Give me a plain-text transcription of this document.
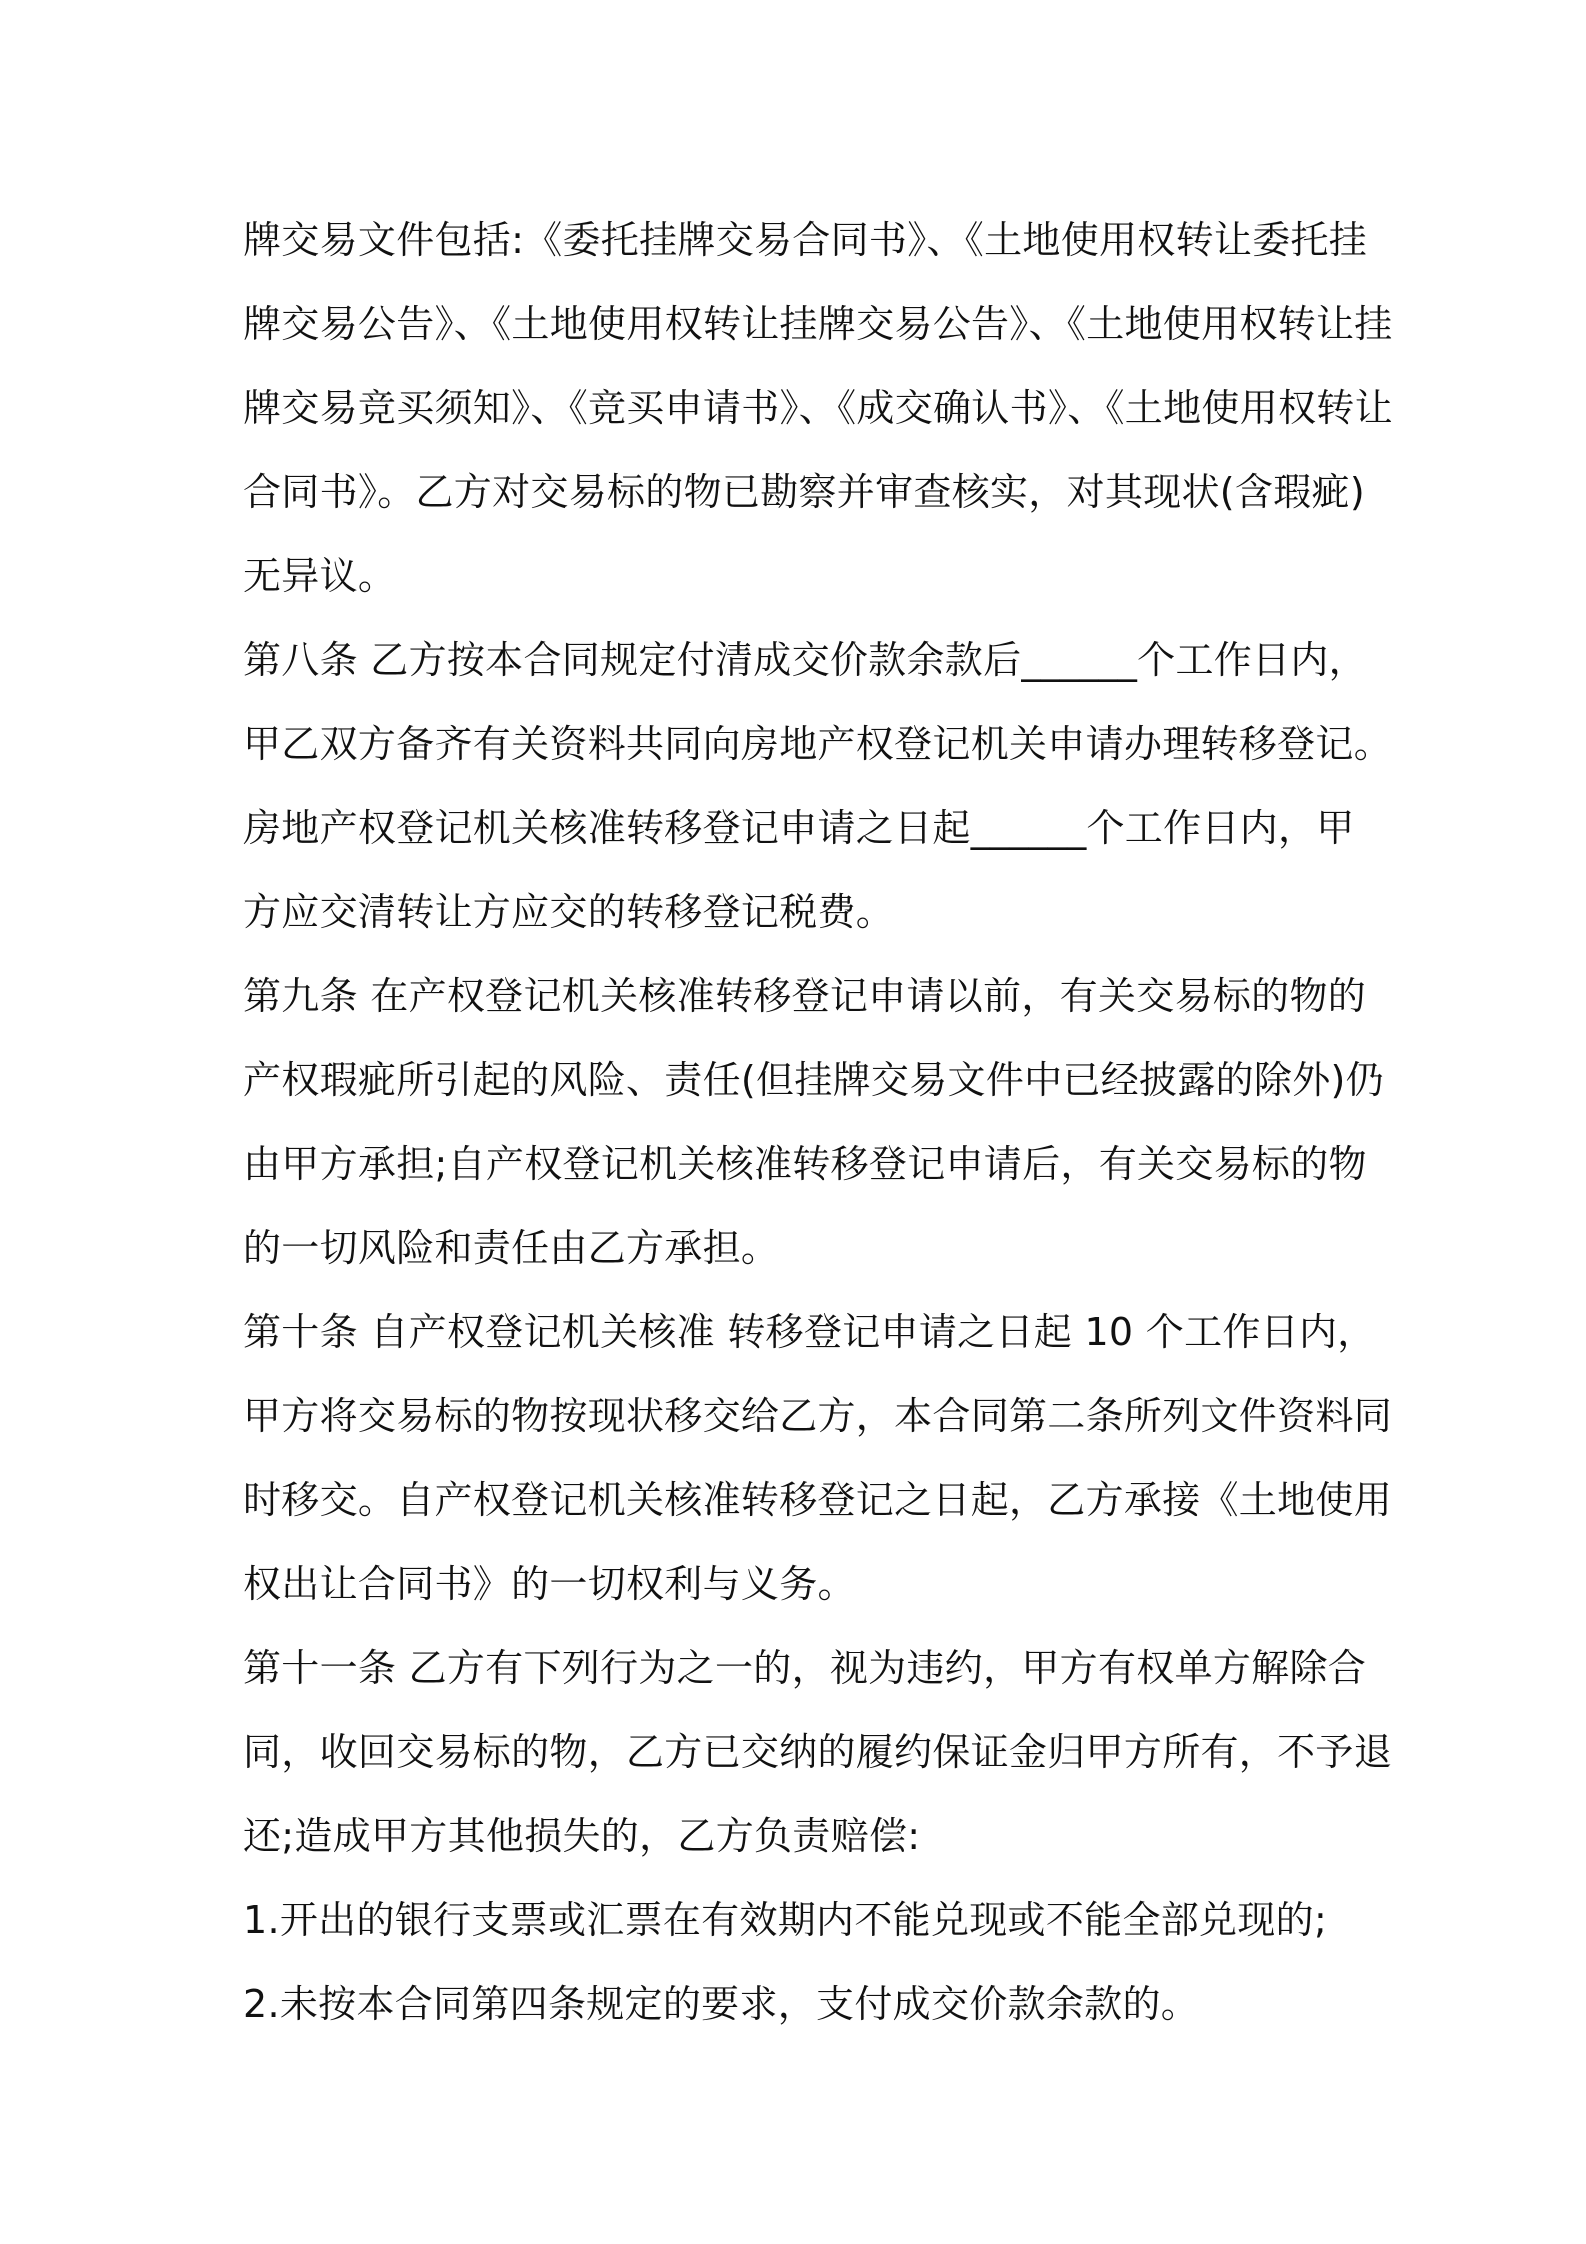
牌交易文件包括:《委托挂牌交易合同书》、《土地使用权转让委托挂
牌交易公告》、《土地使用权转让挂牌交易公告》、《土地使用权转让挂
牌交易竞买须知》、《竞买申请书》、《成交确认书》、《土地使用权转让
合同书》。乙方对交易标的物已勘察并审查核实，对其现状(含瑕疵)
无异议。
第八条 乙方按本合同规定付清成交价款余款后______个工作日内，
甲乙双方备齐有关资料共同向房地产权登记机关申请办理转移登记。
房地产权登记机关核准转移登记申请之日起______个工作日内，甲
方应交清转让方应交的转移登记税费。
第九条 在产权登记机关核准转移登记申请以前，有关交易标的物的
产权瑕疵所引起的风险、责任(但挂牌交易文件中已经披露的除外)仍
由甲方承担;自产权登记机关核准转移登记申请后，有关交易标的物
的一切风险和责任由乙方承担。
第十条 自产权登记机关核准 转移登记申请之日起 10 个工作日内，
甲方将交易标的物按现状移交给乙方，本合同第二条所列文件资料同
时移交。自产权登记机关核准转移登记之日起，乙方承接《土地使用
权出让合同书》的一切权利与义务。
第十一条 乙方有下列行为之一的，视为违约，甲方有权单方解除合
同，收回交易标的物，乙方已交纳的履约保证金归甲方所有，不予退
还;造成甲方其他损失的，乙方负责赔偿:
1.开出的银行支票或汇票在有效期内不能兑现或不能全部兑现的;
2.未按本合同第四条规定的要求，支付成交价款余款的。
